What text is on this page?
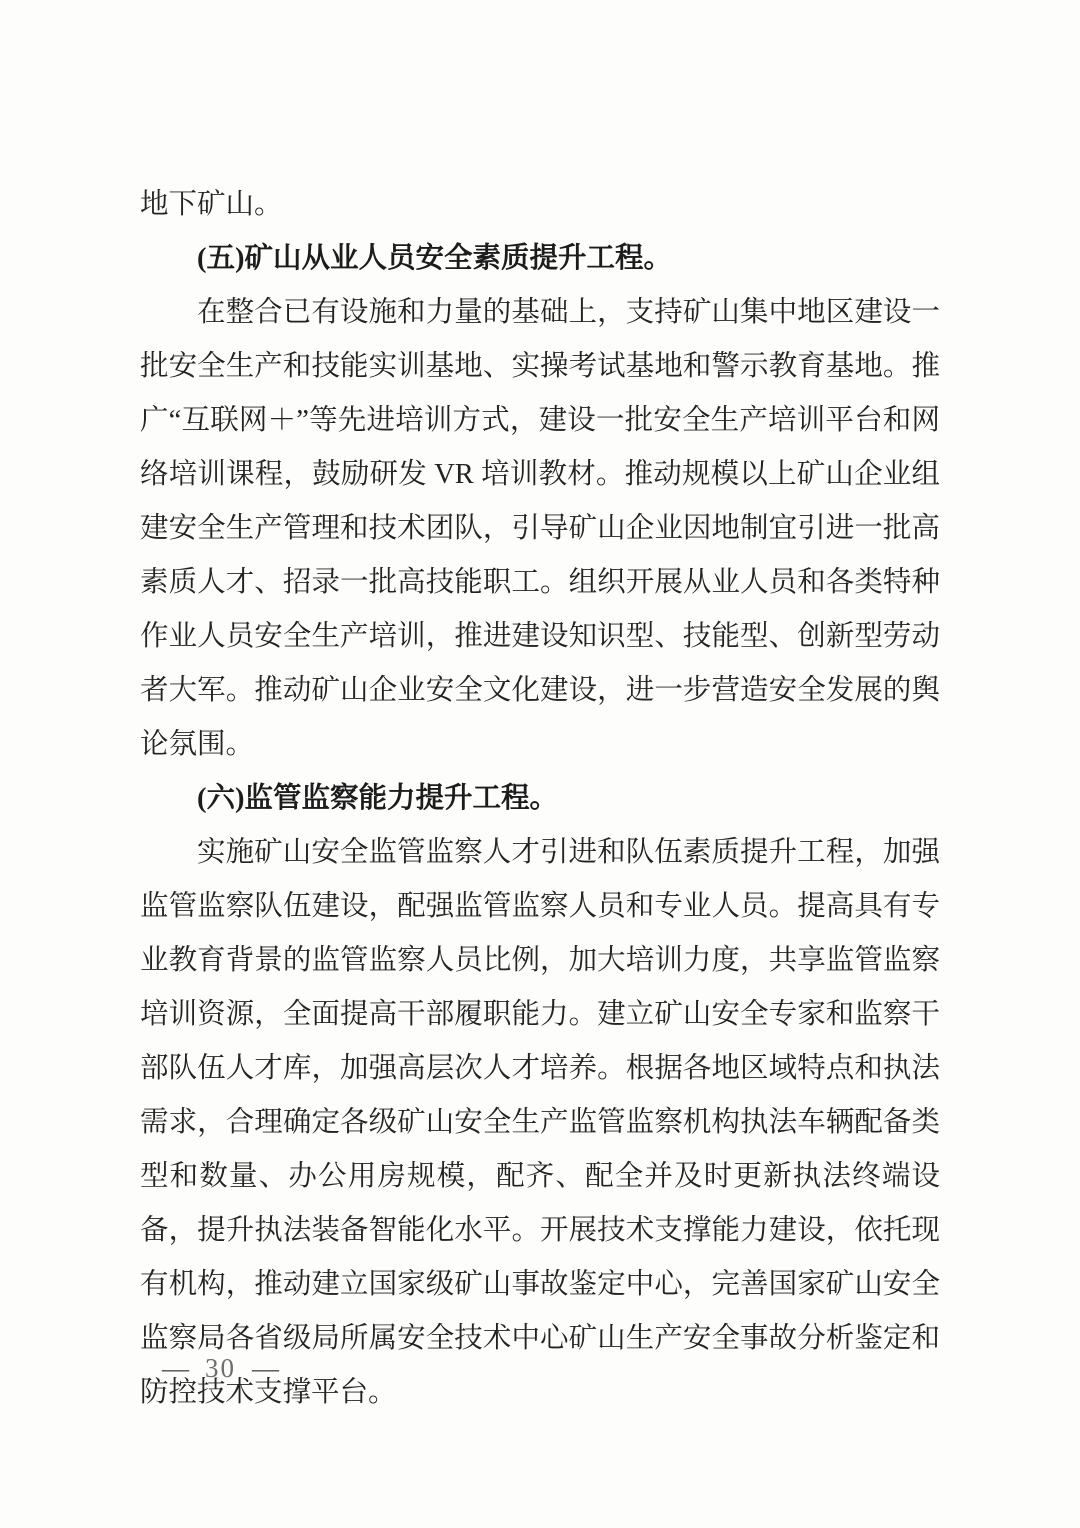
地下矿山。

(五)矿山从业人员安全素质提升工程。

在整合已有设施和力量的基础上，支持矿山集中地区建设一批安全生产和技能实训基地、实操考试基地和警示教育基地。推广“互联网＋”等先进培训方式，建设一批安全生产培训平台和网络培训课程，鼓励研发 VR 培训教材。推动规模以上矿山企业组建安全生产管理和技术团队，引导矿山企业因地制宜引进一批高素质人才、招录一批高技能职工。组织开展从业人员和各类特种作业人员安全生产培训，推进建设知识型、技能型、创新型劳动者大军。推动矿山企业安全文化建设，进一步营造安全发展的舆论氛围。

(六)监管监察能力提升工程。

实施矿山安全监管监察人才引进和队伍素质提升工程，加强监管监察队伍建设，配强监管监察人员和专业人员。提高具有专业教育背景的监管监察人员比例，加大培训力度，共享监管监察培训资源，全面提高干部履职能力。建立矿山安全专家和监察干部队伍人才库，加强高层次人才培养。根据各地区域特点和执法需求，合理确定各级矿山安全生产监管监察机构执法车辆配备类型和数量、办公用房规模，配齐、配全并及时更新执法终端设备，提升执法装备智能化水平。开展技术支撑能力建设，依托现有机构，推动建立国家级矿山事故鉴定中心，完善国家矿山安全监察局各省级局所属安全技术中心矿山生产安全事故分析鉴定和防控技术支撑平台。

— 30 —
